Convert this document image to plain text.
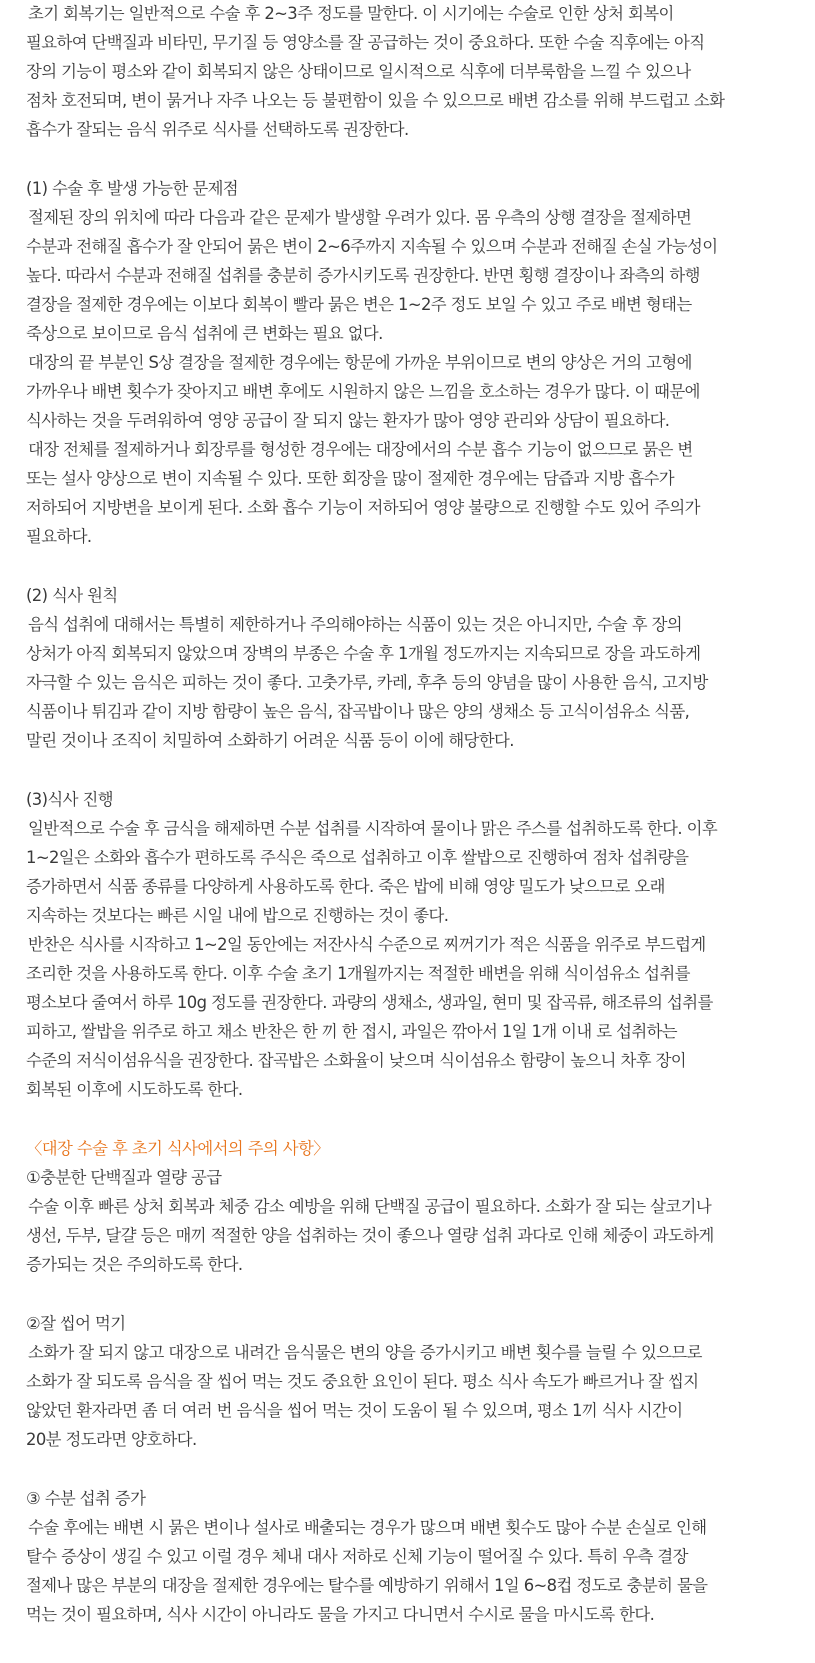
초기 회복기는 일반적으로 수술 후 2~3주 정도를 말한다. 이 시기에는 수술로 인한 상처 회복이

필요하여 단백질과 비타민, 무기질 등 영양소를 잘 공급하는 것이 중요하다. 또한 수술 직후에는 아직

장의 기능이 평소와 같이 회복되지 않은 상태이므로 일시적으로 식후에 더부룩함을 느낄 수 있으나

점차 호전되며, 변이 묽거나 자주 나오는 등 불편함이 있을 수 있으므로 배변 감소를 위해 부드럽고 소화

흡수가 잘되는 음식 위주로 식사를 선택하도록 권장한다.

(1) 수술 후 발생 가능한 문제점

절제된 장의 위치에 따라 다음과 같은 문제가 발생할 우려가 있다. 몸 우측의 상행 결장을 절제하면

수분과 전해질 흡수가 잘 안되어 묽은 변이 2~6주까지 지속될 수 있으며 수분과 전해질 손실 가능성이

높다. 따라서 수분과 전해질 섭취를 충분히 증가시키도록 권장한다. 반면 횡행 결장이나 좌측의 하행

결장을 절제한 경우에는 이보다 회복이 빨라 묽은 변은 1~2주 정도 보일 수 있고 주로 배변 형태는

죽상으로 보이므로 음식 섭취에 큰 변화는 필요 없다.

대장의 끝 부분인 S상 결장을 절제한 경우에는 항문에 가까운 부위이므로 변의 양상은 거의 고형에

가까우나 배변 횟수가 잦아지고 배변 후에도 시원하지 않은 느낌을 호소하는 경우가 많다. 이 때문에

식사하는 것을 두려워하여 영양 공급이 잘 되지 않는 환자가 많아 영양 관리와 상담이 필요하다.

대장 전체를 절제하거나 회장루를 형성한 경우에는 대장에서의 수분 흡수 기능이 없으므로 묽은 변

또는 설사 양상으로 변이 지속될 수 있다. 또한 회장을 많이 절제한 경우에는 담즙과 지방 흡수가

저하되어 지방변을 보이게 된다. 소화 흡수 기능이 저하되어 영양 불량으로 진행할 수도 있어 주의가

필요하다.

(2) 식사 원칙

음식 섭취에 대해서는 특별히 제한하거나 주의해야하는 식품이 있는 것은 아니지만, 수술 후 장의

상처가 아직 회복되지 않았으며 장벽의 부종은 수술 후 1개월 정도까지는 지속되므로 장을 과도하게

자극할 수 있는 음식은 피하는 것이 좋다. 고춧가루, 카레, 후추 등의 양념을 많이 사용한 음식, 고지방

식품이나 튀김과 같이 지방 함량이 높은 음식, 잡곡밥이나 많은 양의 생채소 등 고식이섬유소 식품,

말린 것이나 조직이 치밀하여 소화하기 어려운 식품 등이 이에 해당한다.

(3)식사 진행

일반적으로 수술 후 금식을 해제하면 수분 섭취를 시작하여 물이나 맑은 주스를 섭취하도록 한다. 이후

1~2일은 소화와 흡수가 편하도록 주식은 죽으로 섭취하고 이후 쌀밥으로 진행하여 점차 섭취량을

증가하면서 식품 종류를 다양하게 사용하도록 한다. 죽은 밥에 비해 영양 밀도가 낮으므로 오래

지속하는 것보다는 빠른 시일 내에 밥으로 진행하는 것이 좋다.

반찬은 식사를 시작하고 1~2일 동안에는 저잔사식 수준으로 찌꺼기가 적은 식품을 위주로 부드럽게

조리한 것을 사용하도록 한다. 이후 수술 초기 1개월까지는 적절한 배변을 위해 식이섬유소 섭취를

평소보다 줄여서 하루 10g 정도를 권장한다. 과량의 생채소, 생과일, 현미 및 잡곡류, 해조류의 섭취를

피하고, 쌀밥을 위주로 하고 채소 반찬은 한 끼 한 접시, 과일은 깎아서 1일 1개 이내 로 섭취하는

수준의 저식이섬유식을 권장한다. 잡곡밥은 소화율이 낮으며 식이섬유소 함량이 높으니 차후 장이

회복된 이후에 시도하도록 한다.

〈대장 수술 후 초기 식사에서의 주의 사항〉

①충분한 단백질과 열량 공급

수술 이후 빠른 상처 회복과 체중 감소 예방을 위해 단백질 공급이 필요하다. 소화가 잘 되는 살코기나

생선, 두부, 달걀 등은 매끼 적절한 양을 섭취하는 것이 좋으나 열량 섭취 과다로 인해 체중이 과도하게

증가되는 것은 주의하도록 한다.

②잘 씹어 먹기

소화가 잘 되지 않고 대장으로 내려간 음식물은 변의 양을 증가시키고 배변 횟수를 늘릴 수 있으므로

소화가 잘 되도록 음식을 잘 씹어 먹는 것도 중요한 요인이 된다. 평소 식사 속도가 빠르거나 잘 씹지

않았던 환자라면 좀 더 여러 번 음식을 씹어 먹는 것이 도움이 될 수 있으며, 평소 1끼 식사 시간이

20분 정도라면 양호하다.

③ 수분 섭취 증가

수술 후에는 배변 시 묽은 변이나 설사로 배출되는 경우가 많으며 배변 횟수도 많아 수분 손실로 인해

탈수 증상이 생길 수 있고 이럴 경우 체내 대사 저하로 신체 기능이 떨어질 수 있다. 특히 우측 결장

절제나 많은 부분의 대장을 절제한 경우에는 탈수를 예방하기 위해서 1일 6~8컵 정도로 충분히 물을

먹는 것이 필요하며, 식사 시간이 아니라도 물을 가지고 다니면서 수시로 물을 마시도록 한다.
